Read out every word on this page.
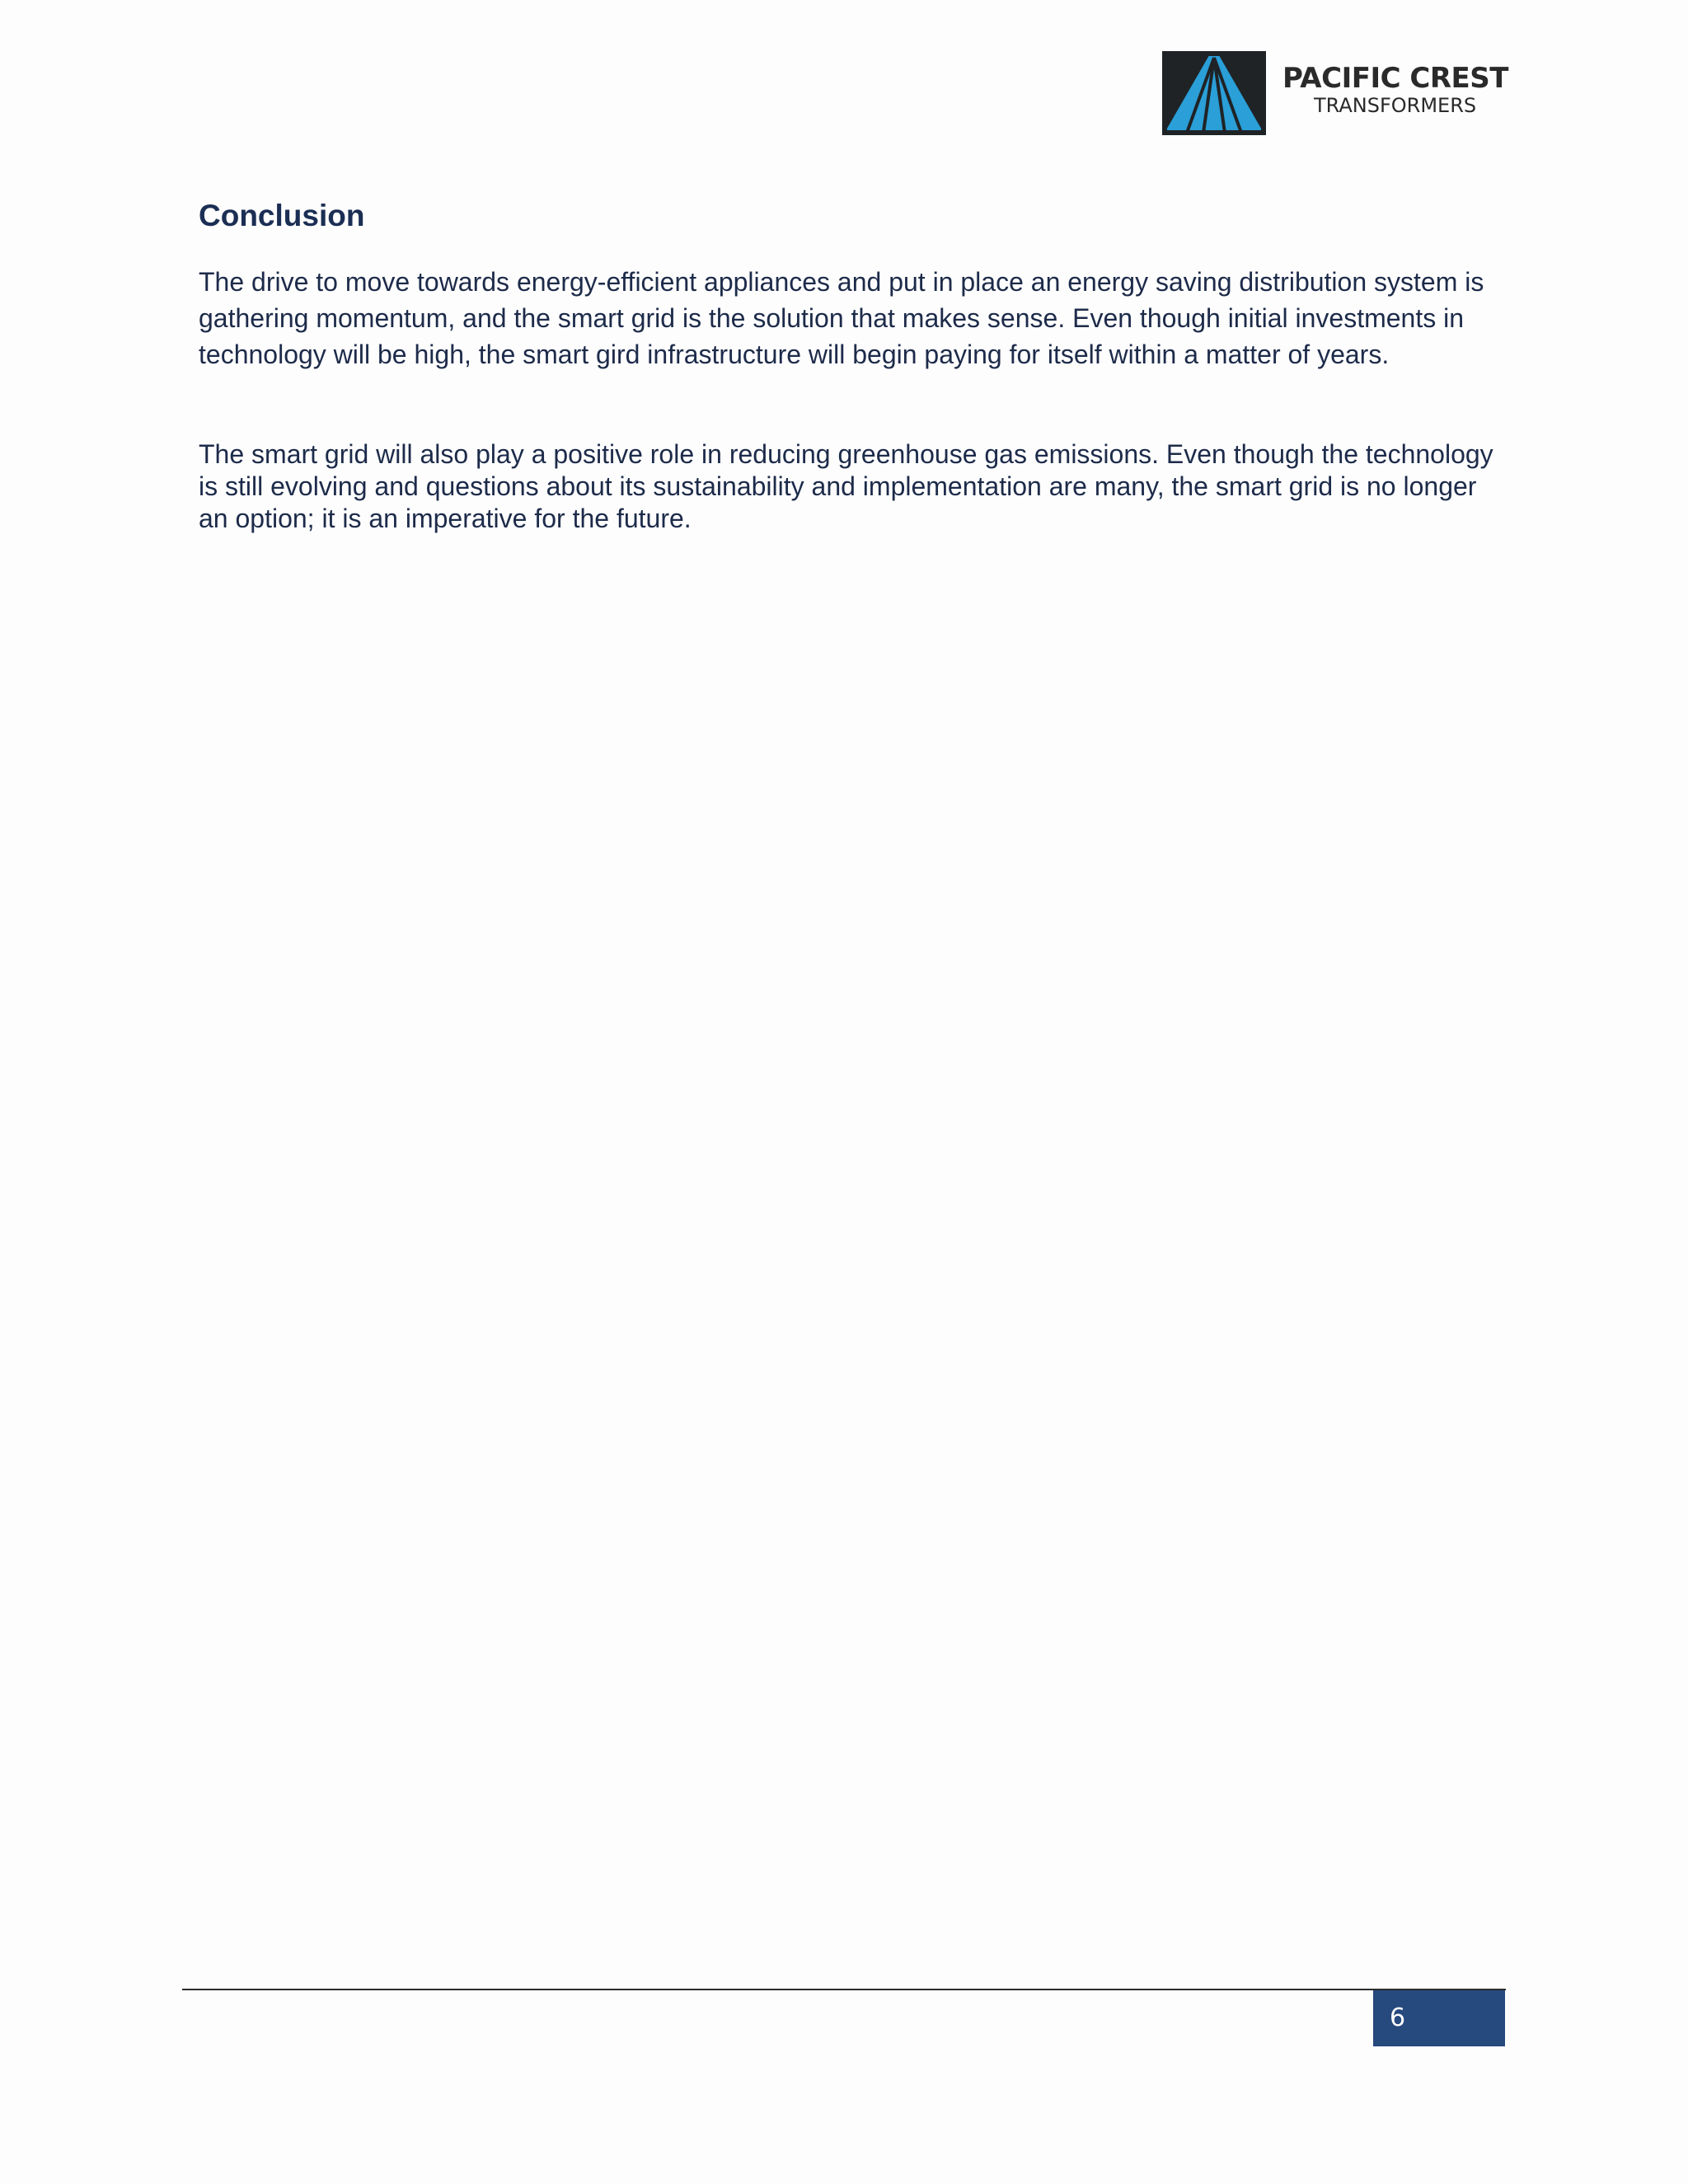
PACIFIC CREST
TRANSFORMERS
Conclusion

The drive to move towards energy-efficient appliances and put in place an energy saving distribution system is gathering momentum, and the smart grid is the solution that makes sense. Even though initial investments in technology will be high, the smart gird infrastructure will begin paying for itself within a matter of years.

The smart grid will also play a positive role in reducing greenhouse gas emissions. Even though the technology is still evolving and questions about its sustainability and implementation are many, the smart grid is no longer an option; it is an imperative for the future.

6
